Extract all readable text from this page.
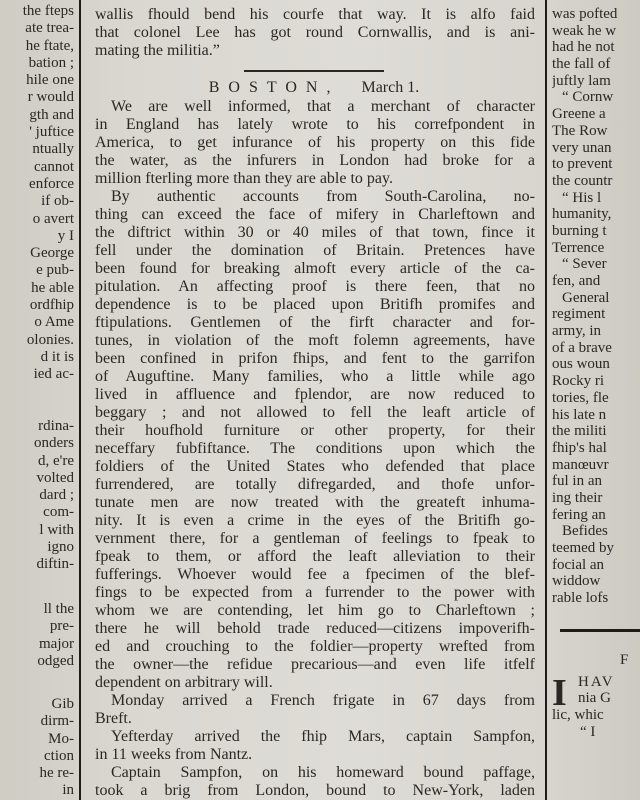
the fteps
ate trea-
he ftate,
bation ;
hile one
r would
gth and
' juftice
ntually
cannot
enforce
if ob-
o avert
y I
George
e pub-
he able
ordfhip
o Ame
olonies.
d it is
ied ac-
rdina-
onders
d, e're
volted
dard ;
com-
l with
igno
diftin-
ll the
pre-
major
odged
Gib
dirm-
Mo-
ction
he re-
in
wallis fhould bend his courfe that way. It is alfo faid
that colonel Lee has got round Cornwallis, and is ani-
mating the militia.”
BOSTON, March 1.
We are well informed, that a merchant of character
in England has lately wrote to his correfpondent in
America, to get infurance of his property on this fide
the water, as the infurers in London had broke for a
million fterling more than they are able to pay.
By authentic accounts from South-Carolina, no-
thing can exceed the face of mifery in Charleftown and
the diftrict within 30 or 40 miles of that town, fince it
fell under the domination of Britain. Pretences have
been found for breaking almoft every article of the ca-
pitulation. An affecting proof is there feen, that no
dependence is to be placed upon Britifh promifes and
ftipulations. Gentlemen of the firft character and for-
tunes, in violation of the moft folemn agreements, have
been confined in prifon fhips, and fent to the garrifon
of Auguftine. Many families, who a little while ago
lived in affluence and fplendor, are now reduced to
beggary ; and not allowed to fell the leaft article of
their houfhold furniture or other property, for their
neceffary fubfiftance. The conditions upon which the
foldiers of the United States who defended that place
furrendered, are totally difregarded, and thofe unfor-
tunate men are now treated with the greateft inhuma-
nity. It is even a crime in the eyes of the Britifh go-
vernment there, for a gentleman of feelings to fpeak to
fpeak to them, or afford the leaft alleviation to their
fufferings. Whoever would fee a fpecimen of the blef-
fings to be expected from a furrender to the power with
whom we are contending, let him go to Charleftown ;
there he will behold trade reduced—citizens impoverifh-
ed and crouching to the foldier—property wrefted from
the owner—the refidue precarious—and even life itfelf
dependent on arbitrary will.
Monday arrived a French frigate in 67 days from
Breft.
Yefterday arrived the fhip Mars, captain Sampfon,
in 11 weeks from Nantz.
Captain Sampfon, on his homeward bound paffage,
took a brig from London, bound to New-York, laden
was pofted
weak he w
had he not
the fall of
juftly lam
“ Cornw
Greene a
The Row
very unan
to prevent
the countr
“ His l
humanity,
burning t
Terrence
“ Sever
fen, and
General
regiment
army, in
of a brave
ous woun
Rocky ri
tories, fle
his late n
the militi
fhip's hal
manœuvr
ful in an
ing their
fering an
Befides
teemed by
focial an
widdow
rable lofs
F
I HAV
nia G
lic, whic
“ I
